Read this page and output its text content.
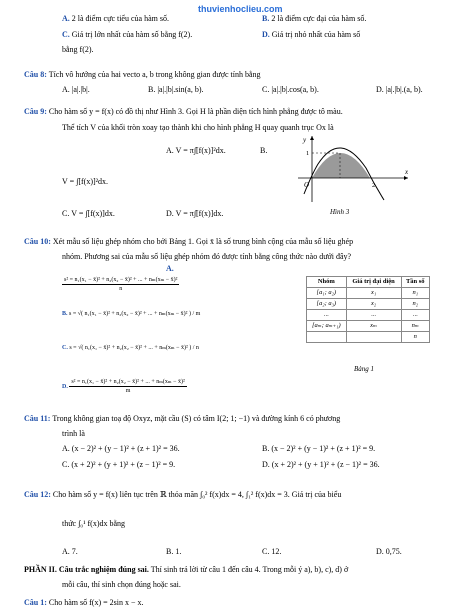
thuvienhoclieu.com
A. 2 là điểm cực tiểu của hàm số.	B. 2 là điểm cực đại của hàm số.
C. Giá trị lớn nhất của hàm số bằng f(2).	D. Giá trị nhỏ nhất của hàm số
bằng f(2).
Câu 8: Tích vô hướng của hai vecto a, b trong không gian được tính bằng
A. |a|.|b|.	B. |a|.|b|.sin(a, b).	C. |a|.|b|.cos(a, b).	D. |a|.|b|.(a, b).
Câu 9: Cho hàm số y = f(x) có đồ thị như Hình 3. Gọi H là phần diện tích hình phẳng được tô màu.
Thể tích V của khối tròn xoay tạo thành khi cho hình phẳng H quay quanh trục Ox là
A. V = π∫[f(x)]²dx.	B.
V = ∫[f(x)]²dx.
C. V = ∫[f(x)]dx.	D. V = π∫[f(x)]dx.
y
x
O
1
2
Hình 3
Câu 10: Xét mẫu số liệu ghép nhóm cho bởi Bảng 1. Gọi x̄ là số trung bình cộng của mẫu số liệu ghép
nhóm. Phương sai của mẫu số liệu ghép nhóm đó được tính bằng công thức nào dưới đây?
A.
$\frac{\text{s² = n₁(x₁ − x̄)² + n₂(x₂ − x̄)² + ... + nₘ(xₘ − x̄)²}}{n}$
B. s = √( n₁(x₁ − x̄)² + n₂(x₂ − x̄)² + ... + nₘ(xₘ − x̄)² ) / m
C. s = √( n₁(x₁ − x̄)² + n₂(x₂ − x̄)² + ... + nₘ(xₘ − x̄)² ) / n
D. $\frac{\text{s² = n₁(x₁ − x̄)² + n₂(x₂ − x̄)² + ... + nₘ(xₘ − x̄)²}}{m}$
Nhóm	Giá trị đại diện	Tần số
[a₁; a₂)	x₁	n₁
[a₂; a₃)	x₂	n₂
...	...	...
[aₘ; aₘ₊₁)	xₘ	nₘ
		n
Bảng 1
Câu 11: Trong không gian toạ độ Oxyz, mặt cầu (S) có tâm I(2; 1; −1) và đường kính 6 có phương
trình là
A. (x − 2)² + (y − 1)² + (z + 1)² = 36.	B. (x − 2)² + (y − 1)² + (z + 1)² = 9.
C. (x + 2)² + (y + 1)² + (z − 1)² = 9.	D. (x + 2)² + (y + 1)² + (z − 1)² = 36.
Câu 12: Cho hàm số y = f(x) liên tục trên ℝ thỏa mãn ∫₀² f(x)dx = 4, ∫₁² f(x)dx = 3. Giá trị của biểu
thức ∫₀¹ f(x)dx bằng
A. 7.	B. 1.	C. 12.	D. 0,75.
PHẦN II. Câu trắc nghiệm đúng sai. Thí sinh trả lời từ câu 1 đến câu 4. Trong mỗi ý a), b), c), d) ở
mỗi câu, thí sinh chọn đúng hoặc sai.
Câu 1: Cho hàm số f(x) = 2sin x − x.
